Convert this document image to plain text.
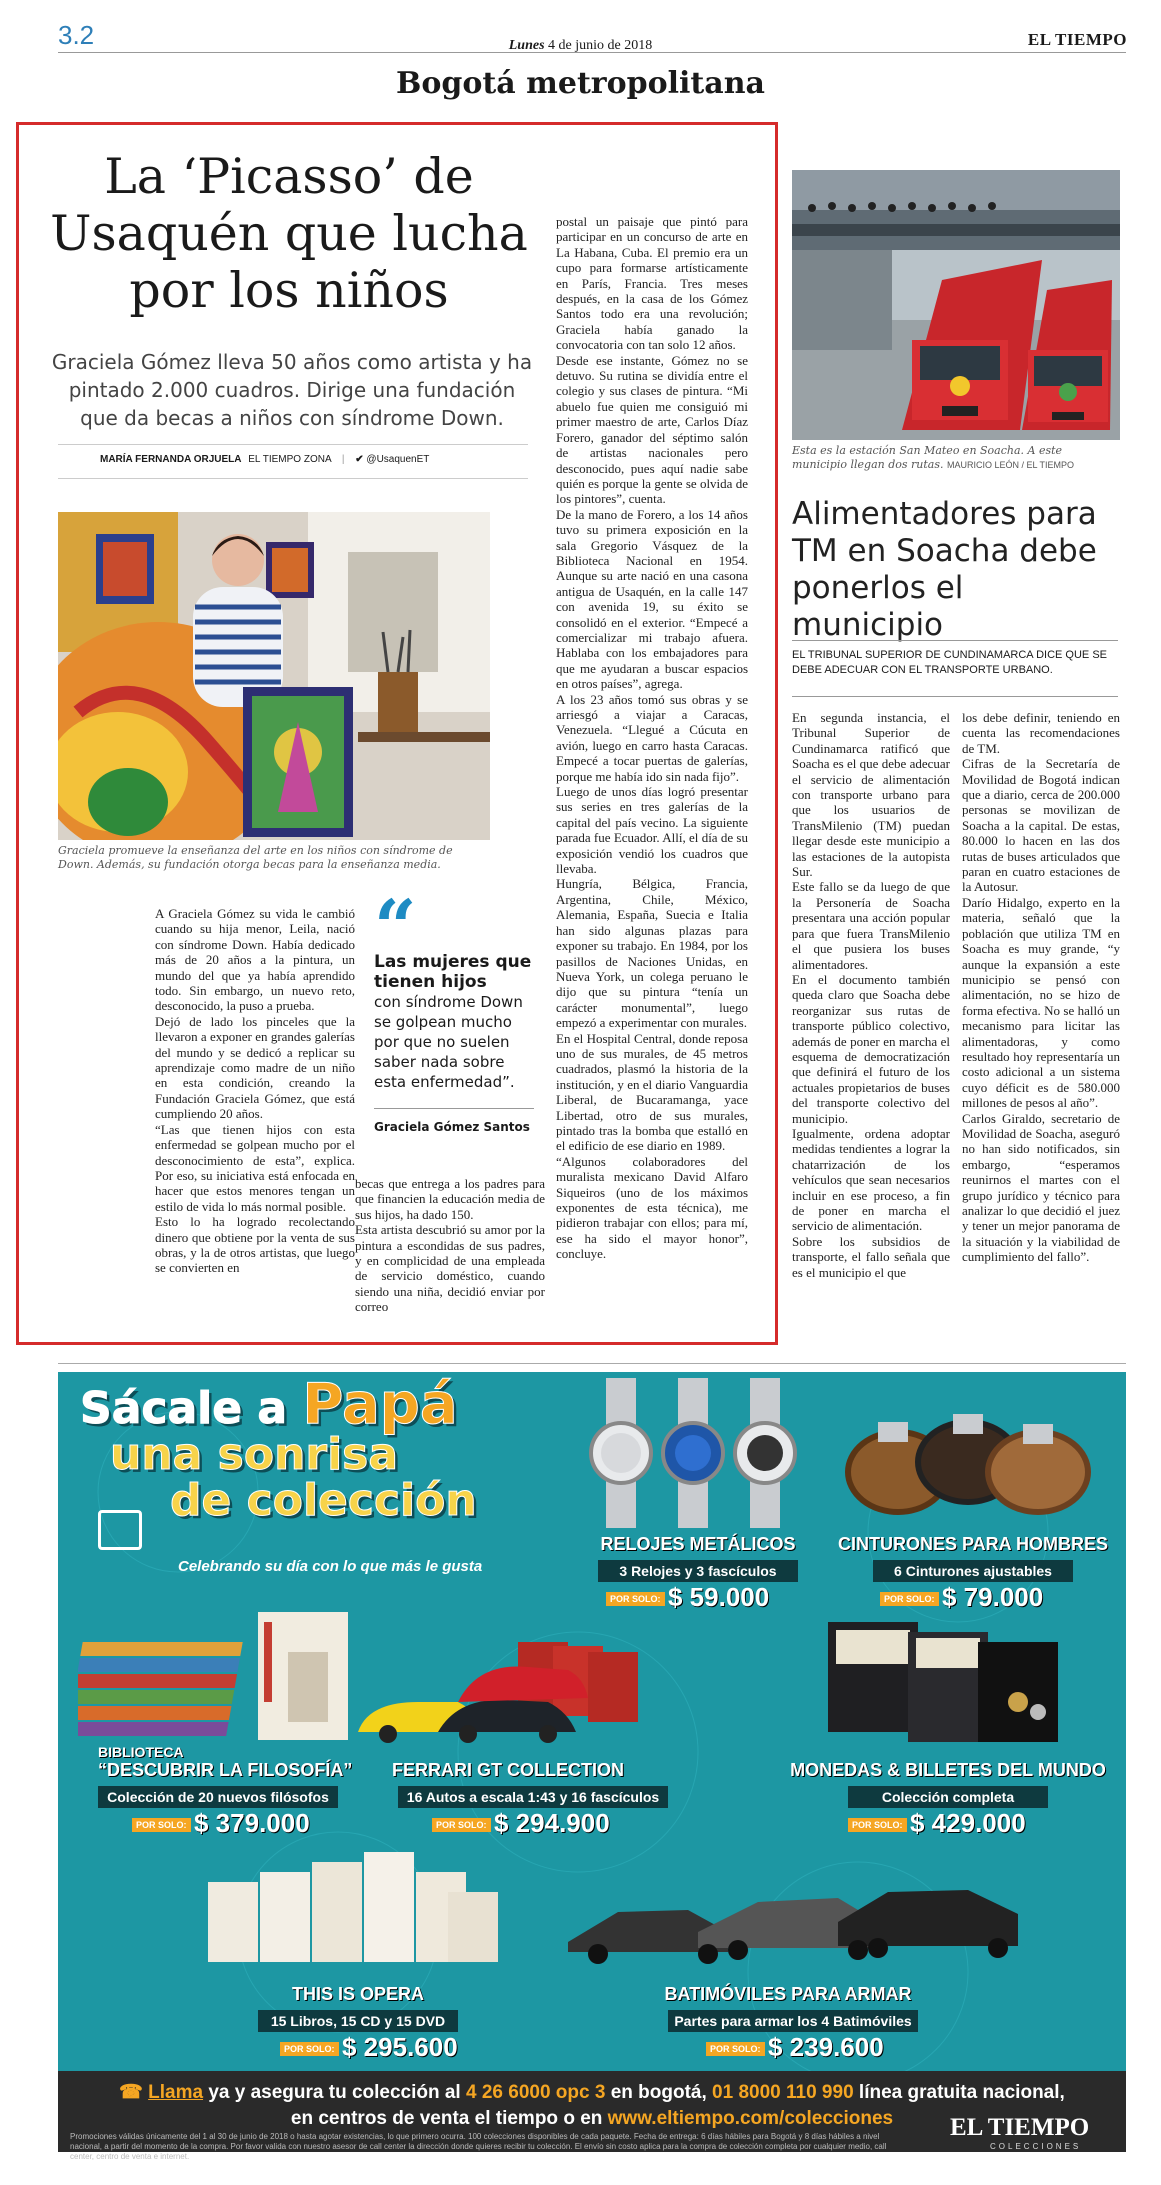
3.2	Lunes 4 de junio de 2018	EL TIEMPO
Bogotá metropolitana
La ‘Picasso’ de Usaquén que lucha por los niños
Graciela Gómez lleva 50 años como artista y ha pintado 2.000 cuadros. Dirige una fundación que da becas a niños con síndrome Down.
MARÍA FERNANDA ORJUELA EL TIEMPO ZONA | ✔ @UsaquenET
Graciela promueve la enseñanza del arte en los niños con síndrome de Down. Además, su fundación otorga becas para la enseñanza media.
A Graciela Gómez su vida le cambió cuando su hija menor, Leila, nació con síndrome Down. Había dedicado más de 20 años a la pintura, un mundo del que ya había aprendido todo. Sin embargo, un nuevo reto, desconocido, la puso a prueba.
Dejó de lado los pinceles que la llevaron a exponer en grandes galerías del mundo y se dedicó a replicar su aprendizaje como madre de un niño en esta condición, creando la Fundación Graciela Gómez, que está cumpliendo 20 años.
“Las que tienen hijos con esta enfermedad se golpean mucho por el desconocimiento de esta”, explica. Por eso, su iniciativa está enfocada en hacer que estos menores tengan un estilo de vida lo más normal posible.
Esto lo ha logrado recolectando dinero que obtiene por la venta de sus obras, y la de otros artistas, que luego se convierten en
“
Las mujeres que tienen hijos
con síndrome Down se golpean mucho por que no suelen saber nada sobre esta enfermedad”.
Graciela Gómez Santos
becas que entrega a los padres para que financien la educación media de sus hijos, ha dado 150.
Esta artista descubrió su amor por la pintura a escondidas de sus padres, y en complicidad de una empleada de servicio doméstico, cuando siendo una niña, decidió enviar por correo
postal un paisaje que pintó para participar en un concurso de arte en La Habana, Cuba. El premio era un cupo para formarse artísticamente en París, Francia. Tres meses después, en la casa de los Gómez Santos todo era una revolución; Graciela había ganado la convocatoria con tan solo 12 años.
Desde ese instante, Gómez no se detuvo. Su rutina se dividía entre el colegio y sus clases de pintura. “Mi abuelo fue quien me consiguió mi primer maestro de arte, Carlos Díaz Forero, ganador del séptimo salón de artistas nacionales pero desconocido, pues aquí nadie sabe quién es porque la gente se olvida de los pintores”, cuenta.
De la mano de Forero, a los 14 años tuvo su primera exposición en la sala Gregorio Vásquez de la Biblioteca Nacional en 1954. Aunque su arte nació en una casona antigua de Usaquén, en la calle 147 con avenida 19, su éxito se consolidó en el exterior. “Empecé a comercializar mi trabajo afuera. Hablaba con los embajadores para que me ayudaran a buscar espacios en otros países”, agrega.
A los 23 años tomó sus obras y se arriesgó a viajar a Caracas, Venezuela. “Llegué a Cúcuta en avión, luego en carro hasta Caracas. Empecé a tocar puertas de galerías, porque me había ido sin nada fijo”.
Luego de unos días logró presentar sus series en tres galerías de la capital del país vecino. La siguiente parada fue Ecuador. Allí, el día de su exposición vendió los cuadros que llevaba.
Hungría, Bélgica, Francia, Argentina, Chile, México, Alemania, España, Suecia e Italia han sido algunas plazas para exponer su trabajo. En 1984, por los pasillos de Naciones Unidas, en Nueva York, un colega peruano le dijo que su pintura “tenía un carácter monumental”, luego empezó a experimentar con murales.
En el Hospital Central, donde reposa uno de sus murales, de 45 metros cuadrados, plasmó la historia de la institución, y en el diario Vanguardia Liberal, de Bucaramanga, yace Libertad, otro de sus murales, pintado tras la bomba que estalló en el edificio de ese diario en 1989.
“Algunos colaboradores del muralista mexicano David Alfaro Siqueiros (uno de los máximos exponentes de esta técnica), me pidieron trabajar con ellos; para mí, ese ha sido el mayor honor”, concluye.
Esta es la estación San Mateo en Soacha. A este municipio llegan dos rutas. MAURICIO LEÓN / EL TIEMPO
Alimentadores para TM en Soacha debe ponerlos el municipio
EL TRIBUNAL SUPERIOR DE CUNDINAMARCA DICE QUE SE DEBE ADECUAR CON EL TRANSPORTE URBANO.
En segunda instancia, el Tribunal Superior de Cundinamarca ratificó que Soacha es el que debe adecuar el servicio de alimentación con transporte urbano para que los usuarios de TransMilenio (TM) puedan llegar desde este municipio a las estaciones de la autopista Sur.
Este fallo se da luego de que la Personería de Soacha presentara una acción popular para que fuera TransMilenio el que pusiera los buses alimentadores.
En el documento también queda claro que Soacha debe reorganizar sus rutas de transporte público colectivo, además de poner en marcha el esquema de democratización que definirá el futuro de los actuales propietarios de buses del transporte colectivo del municipio.
Igualmente, ordena adoptar medidas tendientes a lograr la chatarrización de los vehículos que sean necesarios incluir en ese proceso, a fin de poner en marcha el servicio de alimentación.
Sobre los subsidios de transporte, el fallo señala que es el municipio el que
los debe definir, teniendo en cuenta las recomendaciones de TM.
Cifras de la Secretaría de Movilidad de Bogotá indican que a diario, cerca de 200.000 personas se movilizan de Soacha a la capital. De estas, 80.000 lo hacen en las dos rutas de buses articulados que paran en cuatro estaciones de la Autosur.
Darío Hidalgo, experto en la materia, señaló que la población que utiliza TM en Soacha es muy grande, “y aunque la expansión a este municipio se pensó con alimentación, no se hizo de forma efectiva. No se halló un mecanismo para licitar las alimentadoras, y como resultado hoy representaría un costo adicional a un sistema cuyo déficit es de 580.000 millones de pesos al año”.
Carlos Giraldo, secretario de Movilidad de Soacha, aseguró no han sido notificados, sin embargo, “esperamos reunirnos el martes con el grupo jurídico y técnico para analizar lo que decidió el juez y tener un mejor panorama de la situación y la viabilidad de cumplimiento del fallo”.
Sácale a Papá
una sonrisa
de colección
Celebrando su día con lo que más le gusta
RELOJES METÁLICOS
3 Relojes y 3 fascículos
POR SOLO: $ 59.000
CINTURONES PARA HOMBRES
6 Cinturones ajustables
POR SOLO: $ 79.000
BIBLIOTECA
“DESCUBRIR LA FILOSOFÍA”
Colección de 20 nuevos filósofos
POR SOLO: $ 379.000
FERRARI GT COLLECTION
16 Autos a escala 1:43 y 16 fascículos
POR SOLO: $ 294.900
MONEDAS & BILLETES DEL MUNDO
Colección completa
POR SOLO: $ 429.000
THIS IS OPERA
15 Libros, 15 CD y 15 DVD
POR SOLO: $ 295.600
BATIMÓVILES PARA ARMAR
Partes para armar los 4 Batimóviles
POR SOLO: $ 239.600
☎ Llama ya y asegura tu colección al 4 26 6000 opc 3 en bogotá, 01 8000 110 990 línea gratuita nacional,
en centros de venta el tiempo o en www.eltiempo.com/colecciones
Promociones válidas únicamente del 1 al 30 de junio de 2018 o hasta agotar existencias, lo que primero ocurra. 100 colecciones disponibles de cada paquete. Fecha de entrega: 6 días hábiles para Bogotá y 8 días hábiles a nivel nacional, a partir del momento de la compra. Por favor valida con nuestro asesor de call center la dirección donde quieres recibir tu colección. El envío sin costo aplica para la compra de colección completa por cualquier medio, call center, centro de venta e internet.
EL TIEMPO
COLECCIONES
